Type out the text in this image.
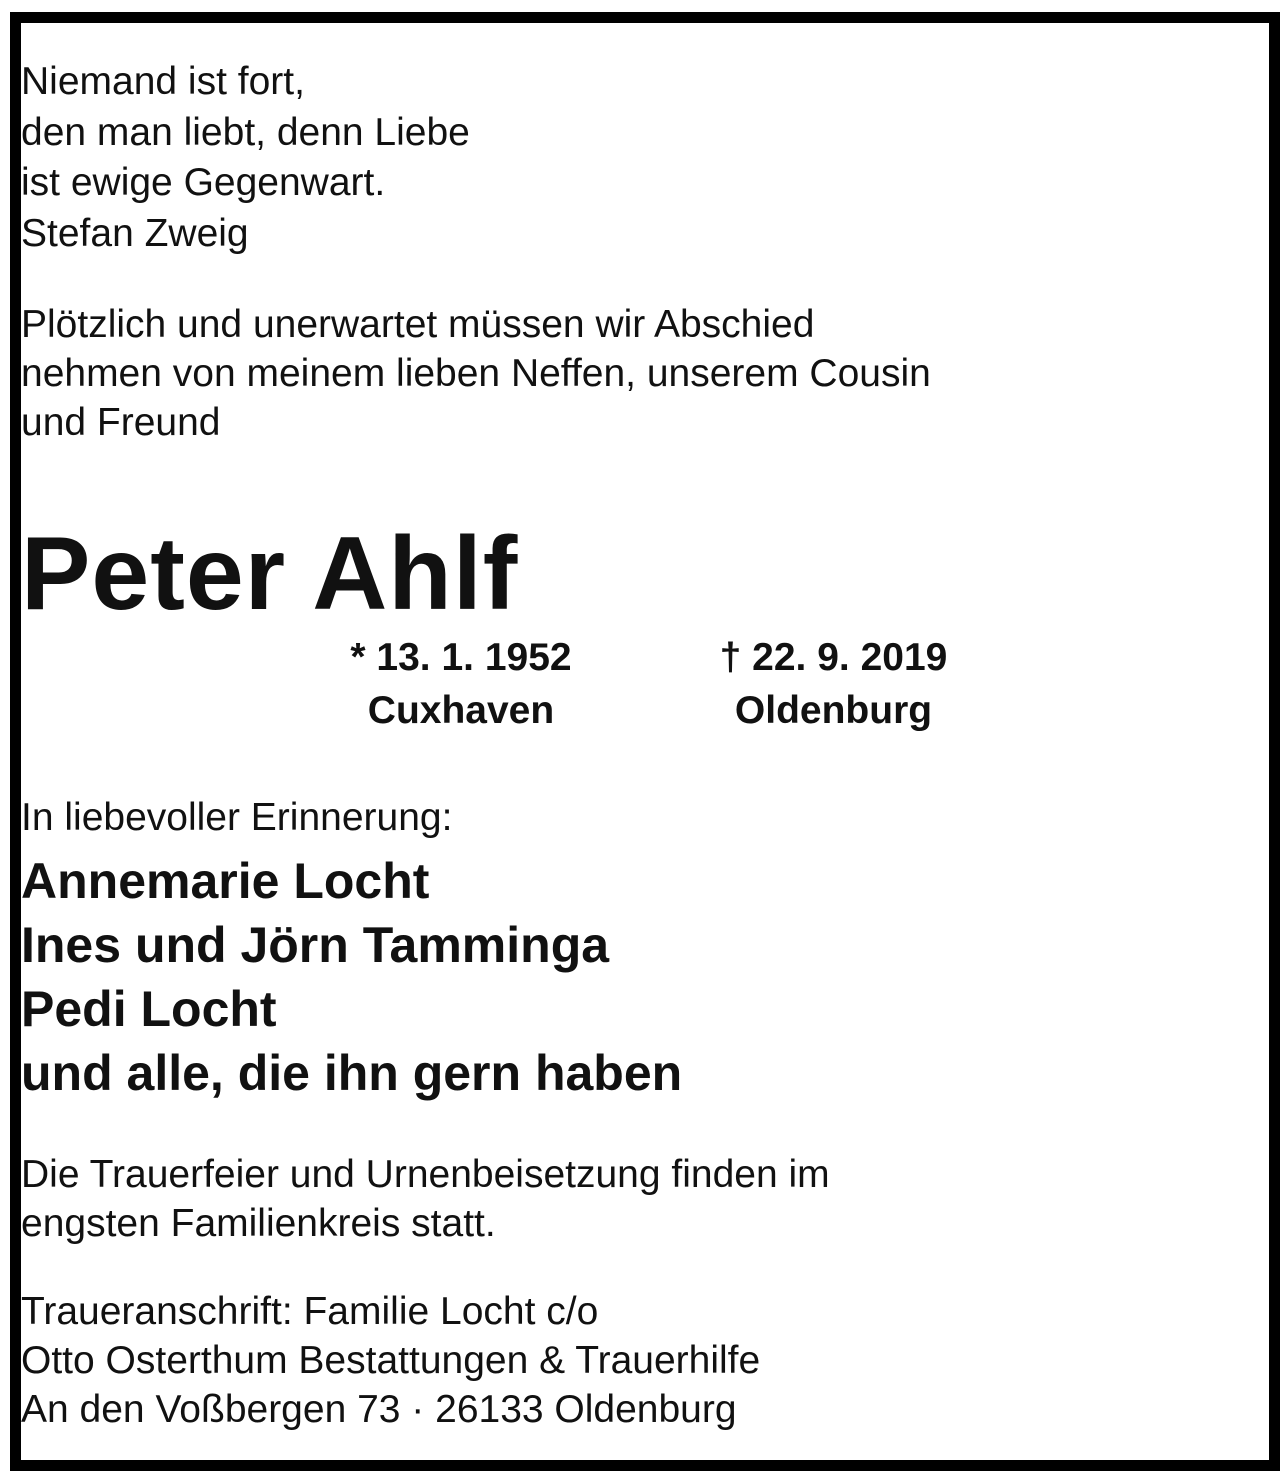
Niemand ist fort,
den man liebt, denn Liebe
ist ewige Gegenwart.
Stefan Zweig
Plötzlich und unerwartet müssen wir Abschied
nehmen von meinem lieben Neffen, unserem Cousin
und Freund
Peter Ahlf
* 13. 1. 1952
Cuxhaven
† 22. 9. 2019
Oldenburg
In liebevoller Erinnerung:
Annemarie Locht
Ines und Jörn Tamminga
Pedi Locht
und alle, die ihn gern haben
Die Trauerfeier und Urnenbeisetzung finden im
engsten Familienkreis statt.
Traueranschrift: Familie Locht c/o
Otto Osterthum Bestattungen & Trauerhilfe
An den Voßbergen 73 · 26133 Oldenburg
